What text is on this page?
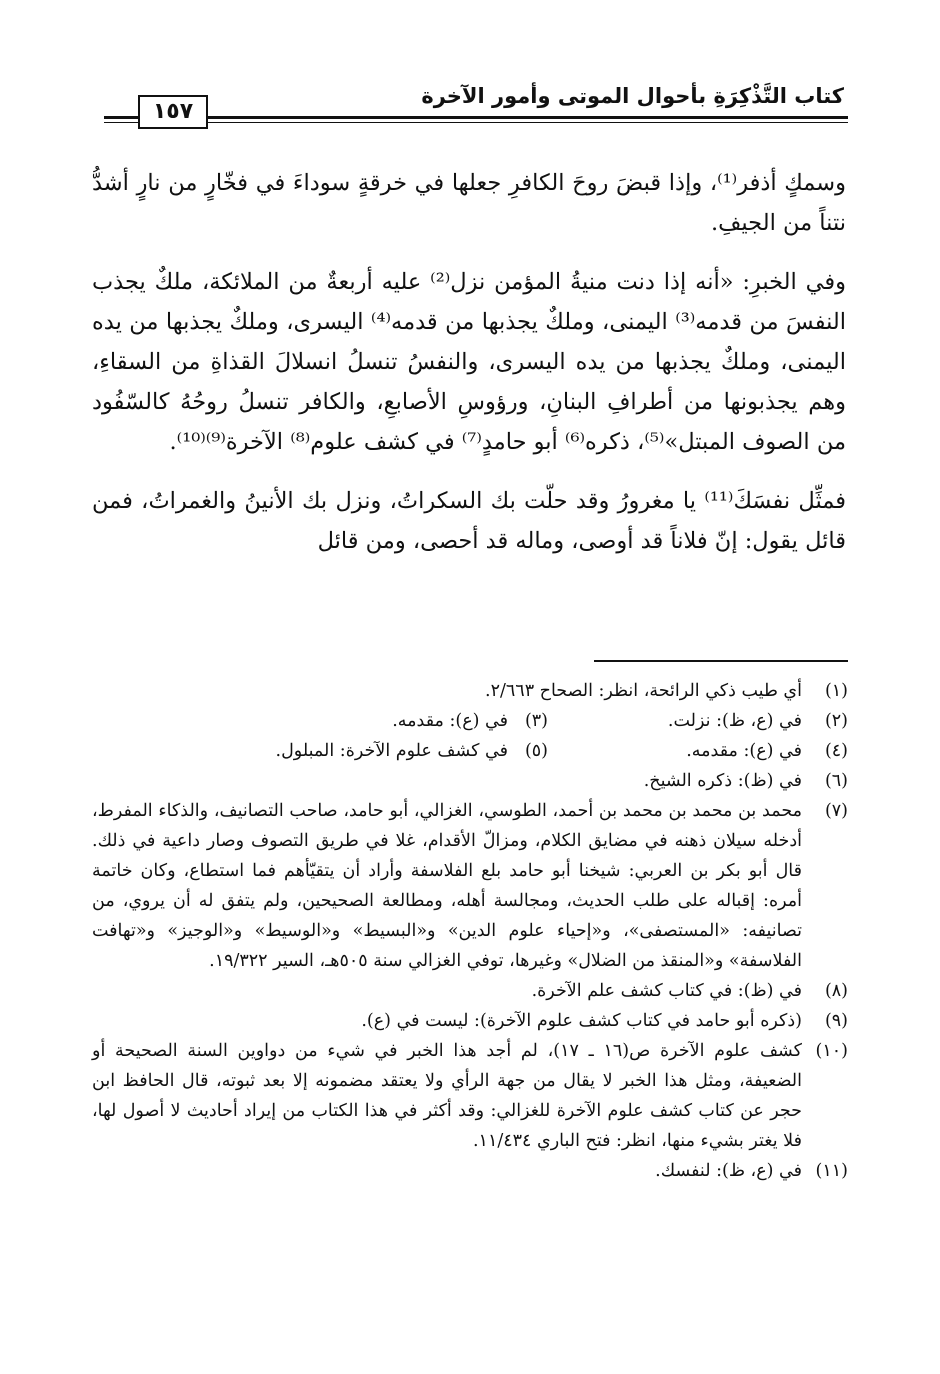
كتاب التَّذْكِرَةِ بأحوال الموتى وأمور الآخرة
١٥٧

وسمكٍ أذفر⁽¹⁾، وإذا قبضَ روحَ الكافرِ جعلها في خرقةٍ سوداءَ في فخّارٍ من نارٍ أشدُّ نتناً من الجيفِ.

وفي الخبرِ: «أنه إذا دنت منيةُ المؤمن نزل⁽²⁾ عليه أربعةٌ من الملائكة، ملكٌ يجذب النفسَ من قدمه⁽³⁾ اليمنى، وملكٌ يجذبها من قدمه⁽⁴⁾ اليسرى، وملكٌ يجذبها من يده اليمنى، وملكٌ يجذبها من يده اليسرى، والنفسُ تنسلُ انسلالَ القذاةِ من السقاءِ، وهم يجذبونها من أطرافِ البنانِ، ورؤوسِ الأصابعِ، والكافر تنسلُ روحُهُ كالسّفُود من الصوف المبتل»⁽⁵⁾، ذكره⁽⁶⁾ أبو حامدٍ⁽⁷⁾ في كشف علوم⁽⁸⁾ الآخرة⁽⁹⁾⁽¹⁰⁾.

فمثِّل نفسَكَ⁽¹¹⁾ يا مغرورُ وقد حلّت بك السكراتُ، ونزل بك الأنينُ والغمراتُ، فمن قائل يقول: إنّ فلاناً قد أوصى، وماله قد أحصى، ومن قائل

(١)
أي طيب ذكي الرائحة، انظر: الصحاح ٢/٦٦٣.
(٢)
في (ع، ظ): نزلت.
(٣)
في (ع): مقدمه.
(٤)
في (ع): مقدمه.
(٥)
في كشف علوم الآخرة: المبلول.
(٦)
في (ظ): ذكره الشيخ.
(٧)
محمد بن محمد بن محمد بن أحمد، الطوسي، الغزالي، أبو حامد، صاحب التصانيف، والذكاء المفرط، أدخله سيلان ذهنه في مضايق الكلام، ومزالّ الأقدام، غلا في طريق التصوف وصار داعية في ذلك. قال أبو بكر بن العربي: شيخنا أبو حامد بلع الفلاسفة وأراد أن يتقيّأهم فما استطاع، وكان خاتمة أمره: إقباله على طلب الحديث، ومجالسة أهله، ومطالعة الصحيحين، ولم يتفق له أن يروي، من تصانيفه: «المستصفى»، و«إحياء علوم الدين» و«البسيط» و«الوسيط» و«الوجيز» و«تهافت الفلاسفة» و«المنقذ من الضلال» وغيرها، توفي الغزالي سنة ٥٠٥هـ، السير ١٩/٣٢٢.
(٨)
في (ظ): في كتاب كشف علم الآخرة.
(٩)
(ذكره أبو حامد في كتاب كشف علوم الآخرة): ليست في (ع).
(١٠)
كشف علوم الآخرة ص(١٦ ـ ١٧)، لم أجد هذا الخبر في شيء من دواوين السنة الصحيحة أو الضعيفة، ومثل هذا الخبر لا يقال من جهة الرأي ولا يعتقد مضمونه إلا بعد ثبوته، قال الحافظ ابن حجر عن كتاب كشف علوم الآخرة للغزالي: وقد أكثر في هذا الكتاب من إيراد أحاديث لا أصول لها، فلا يغتر بشيء منها، انظر: فتح الباري ١١/٤٣٤.
(١١)
في (ع، ظ): لنفسك.
